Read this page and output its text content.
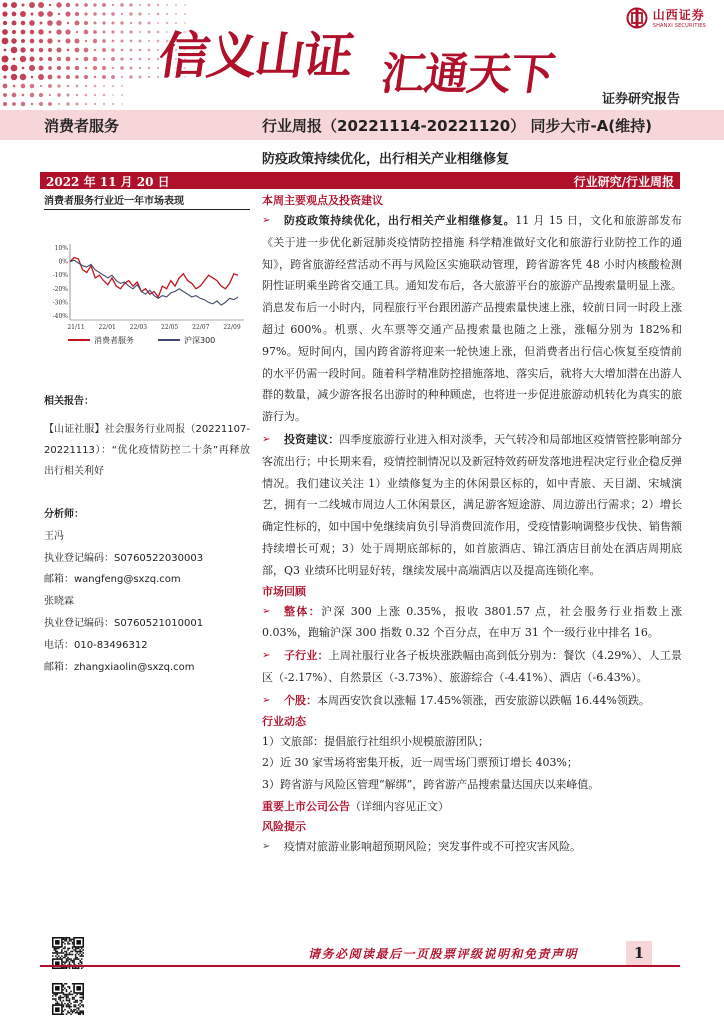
信义山证 汇通天下
山西证券
SHANXI SECURITIES
证券研究报告
消费者服务	行业周报（20221114-20221120） 同步大市-A(维持)
防疫政策持续优化，出行相关产业相继修复
2022 年 11 月 20 日	行业研究/行业周报
消费者服务行业近一年市场表现
10%
0%
-10%
-20%
-30%
-40%
21/11 22/01 22/03 22/05 22/07 22/09
消费者服务	沪深300
相关报告：
【山证社服】社会服务行业周报（20221107-20221113）：“优化疫情防控二十条”再释放出行相关利好
分析师：
王冯
执业登记编码：S0760522030003
邮箱：wangfeng@sxzq.com
张晓霖
执业登记编码：S0760521010001
电话：010-83496312
邮箱：zhangxiaolin@sxzq.com
本周主要观点及投资建议
➢ 防疫政策持续优化，出行相关产业相继修复。11 月 15 日，文化和旅游部发布《关于进一步优化新冠肺炎疫情防控措施 科学精准做好文化和旅游行业防控工作的通知》，跨省旅游经营活动不再与风险区实施联动管理，跨省游客凭 48 小时内核酸检测阴性证明乘坐跨省交通工具。通知发布后，各大旅游平台的旅游产品搜索量明显上涨。消息发布后一小时内，同程旅行平台跟团游产品搜索量快速上涨，较前日同一时段上涨超过 600%。机票、火车票等交通产品搜索量也随之上涨，涨幅分别为 182%和 97%。短时间内，国内跨省游将迎来一轮快速上涨，但消费者出行信心恢复至疫情前的水平仍需一段时间。随着科学精准防控措施落地、落实后，就将大大增加潜在出游人群的数量，减少游客报名出游时的种种顾虑，也将进一步促进旅游动机转化为真实的旅游行为。
➢ 投资建议：四季度旅游行业进入相对淡季，天气转冷和局部地区疫情管控影响部分客流出行；中长期来看，疫情控制情况以及新冠特效药研发落地进程决定行业企稳反弹情况。我们建议关注 1）业绩修复为主的休闲景区标的，如中青旅、天目湖、宋城演艺，拥有一二线城市周边人工休闲景区，满足游客短途游、周边游出行需求；2）增长确定性标的，如中国中免继续肩负引导消费回流作用，受疫情影响调整步伐快、销售额持续增长可观；3）处于周期底部标的，如首旅酒店、锦江酒店目前处在酒店周期底部，Q3 业绩环比明显好转，继续发展中高端酒店以及提高连锁化率。
市场回顾
➢ 整体：沪深 300 上涨 0.35%，报收 3801.57 点，社会服务行业指数上涨 0.03%，跑输沪深 300 指数 0.32 个百分点，在申万 31 个一级行业中排名 16。
➢ 子行业：上周社服行业各子板块涨跌幅由高到低分别为：餐饮（4.29%）、人工景区（-2.17%）、自然景区（-3.73%）、旅游综合（-4.41%）、酒店（-6.43%）。
➢ 个股：本周西安饮食以涨幅 17.45%领涨，西安旅游以跌幅 16.44%领跌。
行业动态
1）文旅部：提倡旅行社组织小规模旅游团队；
2）近 30 家雪场将密集开板，近一周雪场门票预订增长 403%；
3）跨省游与风险区管理“解绑”，跨省游产品搜索量达国庆以来峰值。
重要上市公司公告（详细内容见正文）
风险提示
➢ 疫情对旅游业影响超预期风险；突发事件或不可控灾害风险。
请务必阅读最后一页股票评级说明和免责声明	1
